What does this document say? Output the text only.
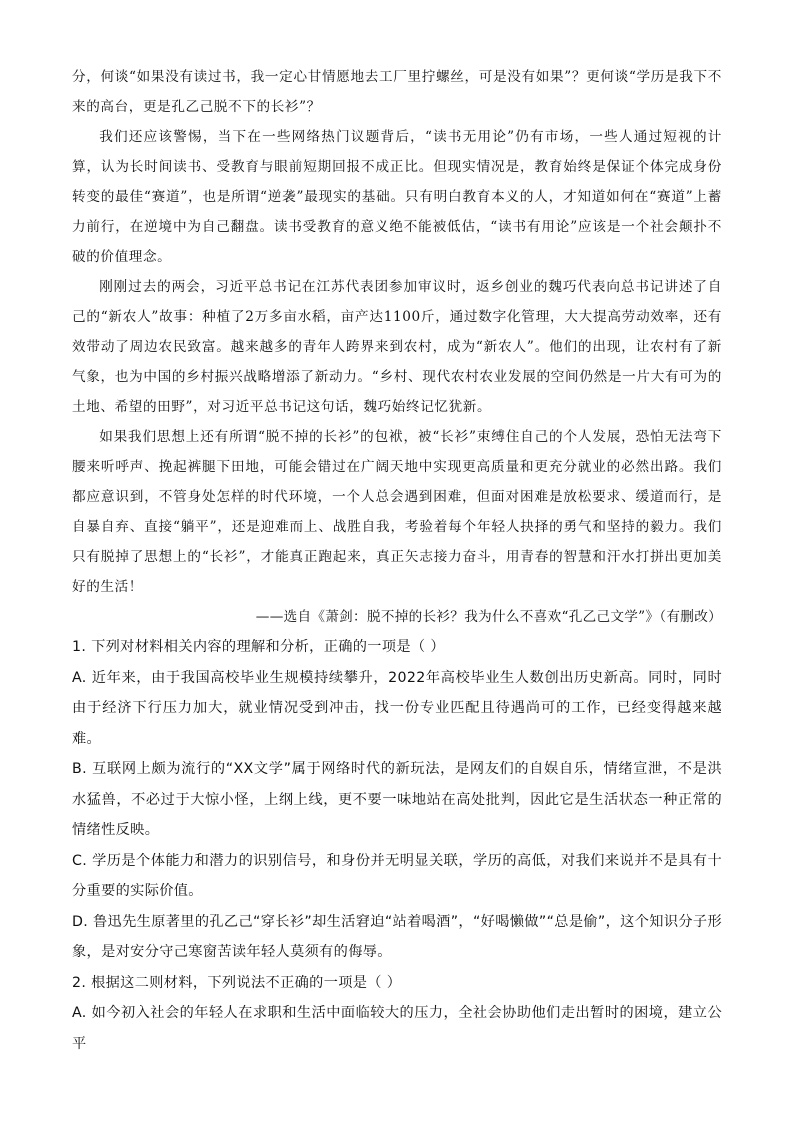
分，何谈“如果没有读过书，我一定心甘情愿地去工厂里拧螺丝，可是没有如果”？更何谈“学历是我下不来的高台，更是孔乙己脱不下的长衫”？

我们还应该警惕，当下在一些网络热门议题背后，“读书无用论”仍有市场，一些人通过短视的计算，认为长时间读书、受教育与眼前短期回报不成正比。但现实情况是，教育始终是保证个体完成身份转变的最佳“赛道”，也是所谓“逆袭”最现实的基础。只有明白教育本义的人，才知道如何在“赛道”上蓄力前行，在逆境中为自己翻盘。读书受教育的意义绝不能被低估，“读书有用论”应该是一个社会颠扑不破的价值理念。

刚刚过去的两会，习近平总书记在江苏代表团参加审议时，返乡创业的魏巧代表向总书记讲述了自己的“新农人”故事：种植了2万多亩水稻，亩产达1100斤，通过数字化管理，大大提高劳动效率，还有效带动了周边农民致富。越来越多的青年人跨界来到农村，成为“新农人”。他们的出现，让农村有了新气象，也为中国的乡村振兴战略增添了新动力。“乡村、现代农村农业发展的空间仍然是一片大有可为的土地、希望的田野”，对习近平总书记这句话，魏巧始终记忆犹新。

如果我们思想上还有所谓“脱不掉的长衫”的包袱，被“长衫”束缚住自己的个人发展，恐怕无法弯下腰来听呼声、挽起裤腿下田地，可能会错过在广阔天地中实现更高质量和更充分就业的必然出路。我们都应意识到，不管身处怎样的时代环境，一个人总会遇到困难，但面对困难是放松要求、缓道而行，是自暴自弃、直接“躺平”，还是迎难而上、战胜自我，考验着每个年轻人抉择的勇气和坚持的毅力。我们只有脱掉了思想上的“长衫”，才能真正跑起来，真正矢志接力奋斗，用青春的智慧和汗水打拼出更加美好的生活！

——选自《萧剑：脱不掉的长衫？我为什么不喜欢“孔乙己文学”》（有删改）

1. 下列对材料相关内容的理解和分析，正确的一项是（ ）

A. 近年来，由于我国高校毕业生规模持续攀升，2022年高校毕业生人数创出历史新高。同时，同时由于经济下行压力加大，就业情况受到冲击，找一份专业匹配且待遇尚可的工作，已经变得越来越难。

B. 互联网上颇为流行的“XX文学”属于网络时代的新玩法，是网友们的自娱自乐，情绪宣泄，不是洪水猛兽，不必过于大惊小怪，上纲上线，更不要一味地站在高处批判，因此它是生活状态一种正常的情绪性反映。

C. 学历是个体能力和潜力的识别信号，和身份并无明显关联，学历的高低，对我们来说并不是具有十分重要的实际价值。

D. 鲁迅先生原著里的孔乙己“穿长衫”却生活窘迫“站着喝酒”，“好喝懒做”“总是偷”，这个知识分子形象，是对安分守己寒窗苦读年轻人莫须有的侮辱。

2. 根据这二则材料，下列说法不正确的一项是（ ）

A. 如今初入社会的年轻人在求职和生活中面临较大的压力，全社会协助他们走出暂时的困境，建立公平
